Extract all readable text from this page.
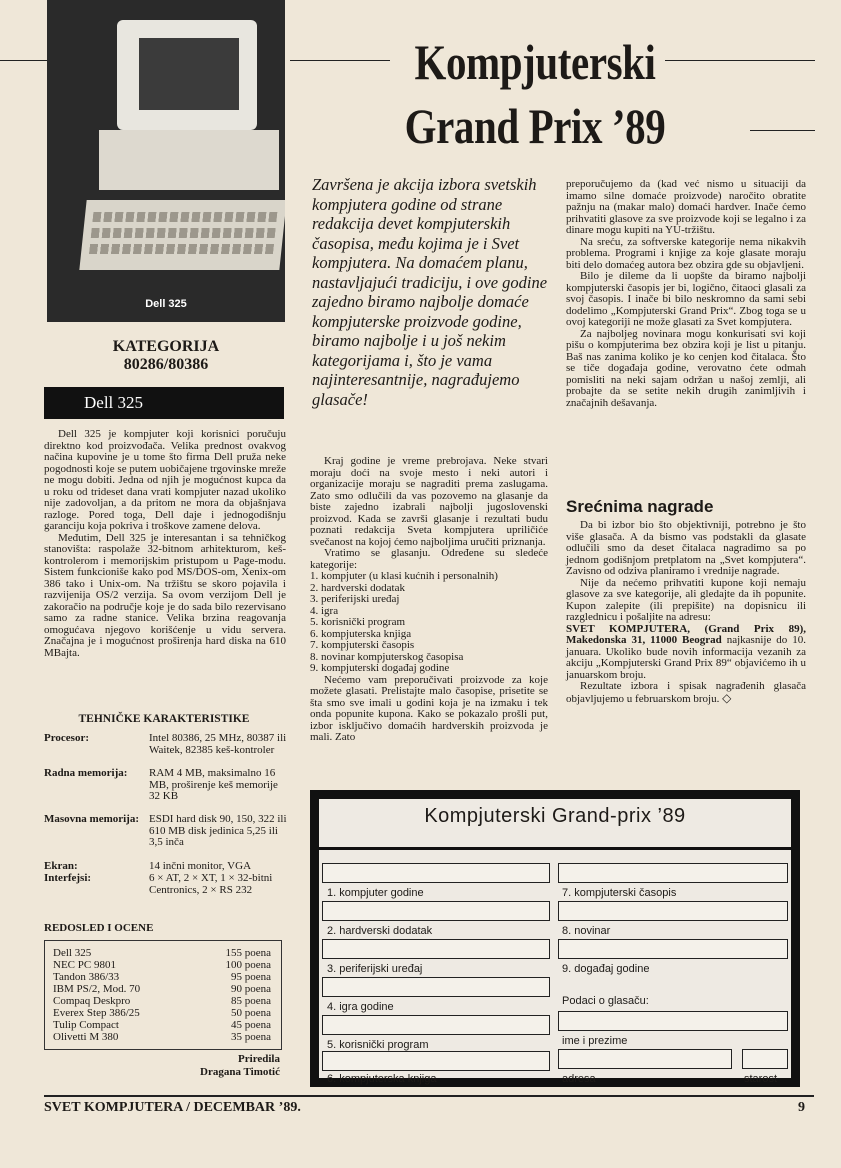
Dell 325
KATEGORIJA
80286/80386
Dell 325

Dell 325 je kompjuter koji korisnici poručuju direktno kod proizvođača. Velika prednost ovakvog načina kupovine je u tome što firma Dell pruža neke pogodnosti koje se putem uobičajene trgovinske mreže ne mogu dobiti. Jedna od njih je mogućnost kupca da u roku od trideset dana vrati kompjuter nazad ukoliko nije zadovoljan, a da pritom ne mora da objašnjava razloge. Pored toga, Dell daje i jednogodišnju garanciju koja pokriva i troškove zamene delova.

Međutim, Dell 325 je interesantan i sa tehničkog stanovišta: raspolaže 32-bitnom arhitekturom, keš-kontrolerom i memorijskim pristupom u Page-modu. Sistem funkcioniše kako pod MS/DOS-om, Xenix-om 386 tako i Unix-om. Na tržištu se skoro pojavila i razvijenija OS/2 verzija. Sa ovom verzijom Dell je zakoračio na područje koje je do sada bilo rezervisano samo za radne stanice. Velika brzina reagovanja omogućava njegovo korišćenje u vidu servera. Značajna je i mogućnost proširenja hard diska na 610 MBajta.

TEHNIČKE KARAKTERISTIKE
Procesor:	Intel 80386, 25 MHz, 80387 ili Waitek, 82385 keš-kontroler
Radna memorija: RAM 4 MB, maksimalno 16 MB, proširenje keš memorije 32 KB
Masovna memorija: ESDI hard disk 90, 150, 322 ili 610 MB disk jedinica 5,25 ili 3,5 inča
Ekran:	14 inčni monitor, VGA
Interfejsi:	6 × AT, 2 × XT, 1 × 32-bitni Centronics, 2 × RS 232
REDOSLED I OCENE
Dell 325	155 poena
NEC PC 9801	100 poena
Tandon 386/33	95 poena
IBM PS/2, Mod. 70	90 poena
Compaq Deskpro	85 poena
Everex Step 386/25	50 poena
Tulip Compact	45 poena
Olivetti M 380	35 poena
Priredila
Dragana Timotić
Kompjuterski
Grand Prix ’89
Završena je akcija izbora svetskih kompjutera godine od strane redakcija devet kompjuterskih časopisa, među kojima je i Svet kompjutera. Na domaćem planu, nastavljajući tradiciju, i ove godine zajedno biramo najbolje domaće kompjuterske proizvode godine, biramo najbolje i u još nekim kategorijama i, što je vama najinteresantnije, nagrađujemo glasače!

Kraj godine je vreme prebrojava. Neke stvari moraju doći na svoje mesto i neki autori i organizacije moraju se nagraditi prema zaslugama. Zato smo odlučili da vas pozovemo na glasanje da biste zajedno izabrali najbolji jugoslovenski proizvod. Kada se završi glasanje i rezultati budu poznati redakcija Sveta kompjutera upriličiće svečanost na kojoj ćemo najboljima uručiti priznanja.

Vratimo se glasanju. Određene su sledeće kategorije:

1. kompjuter (u klasi kućnih i personalnih)

2. hardverski dodatak

3. periferijski uređaj

4. igra

5. korisnički program

6. kompjuterska knjiga

7. kompjuterski časopis

8. novinar kompjuterskog časopisa

9. kompjuterski događaj godine

Nećemo vam preporučivati proizvode za koje možete glasati. Prelistajte malo časopise, prisetite se šta smo sve imali u godini koja je na izmaku i tek onda popunite kupona. Kako se pokazalo prošli put, izbor isključivo domaćih hardverskih proizvoda je mali. Zato

preporučujemo da (kad već nismo u situaciji da imamo silne domaće proizvode) naročito obratite pažnju na (makar malo) domaći hardver. Inače ćemo prihvatiti glasove za sve proizvode koji se legalno i za dinare mogu kupiti na YU-tržištu.

Na sreću, za softverske kategorije nema nikakvih problema. Programi i knjige za koje glasate moraju biti delo domaćeg autora bez obzira gde su objavljeni.

Bilo je dileme da li uopšte da biramo najbolji kompjuterski časopis jer bi, logično, čitaoci glasali za svoj časopis. I inače bi bilo neskromno da sami sebi dodelimo „Kompjuterski Grand Prix“. Zbog toga se u ovoj kategoriji ne može glasati za Svet kompjutera.

Za najboljeg novinara mogu konkurisati svi koji pišu o kompjuterima bez obzira koji je list u pitanju. Baš nas zanima koliko je ko cenjen kod čitalaca. Što se tiče događaja godine, verovatno ćete odmah pomisliti na neki sajam održan u našoj zemlji, ali probajte da se setite nekih drugih zanimljivih i značajnih dešavanja.

Srećnima nagrade

Da bi izbor bio što objektivniji, potrebno je što više glasača. A da bismo vas podstakli da glasate odlučili smo da deset čitalaca nagradimo sa po jednom godišnjom pretplatom na „Svet kompjutera“. Zavisno od odziva planiramo i vrednije nagrade.

Nije da nećemo prihvatiti kupone koji nemaju glasove za sve kategorije, ali gledajte da ih popunite. Kupon zalepite (ili prepišite) na dopisnicu ili razglednicu i pošaljite na adresu:

SVET KOMPJUTERA, (Grand Prix 89), Makedonska 31, 11000 Beograd najkasnije do 10. januara. Ukoliko bude novih informacija vezanih za akciju „Kompjuterski Grand Prix 89“ objavićemo ih u januarskom broju.

Rezultate izbora i spisak nagrađenih glasača objavljujemo u februarskom broju. ◇

Kompjuterski Grand-prix ’89
1. kompjuter godine
2. hardverski dodatak
3. periferijski uređaj
4. igra godine
5. korisnički program
6. kompjuterska knjiga
7. kompjuterski časopis
8. novinar
9. događaj godine
Podaci o glasaču:
ime i prezime
adresa	starost
SVET KOMPJUTERA / DECEMBAR ’89.	9
